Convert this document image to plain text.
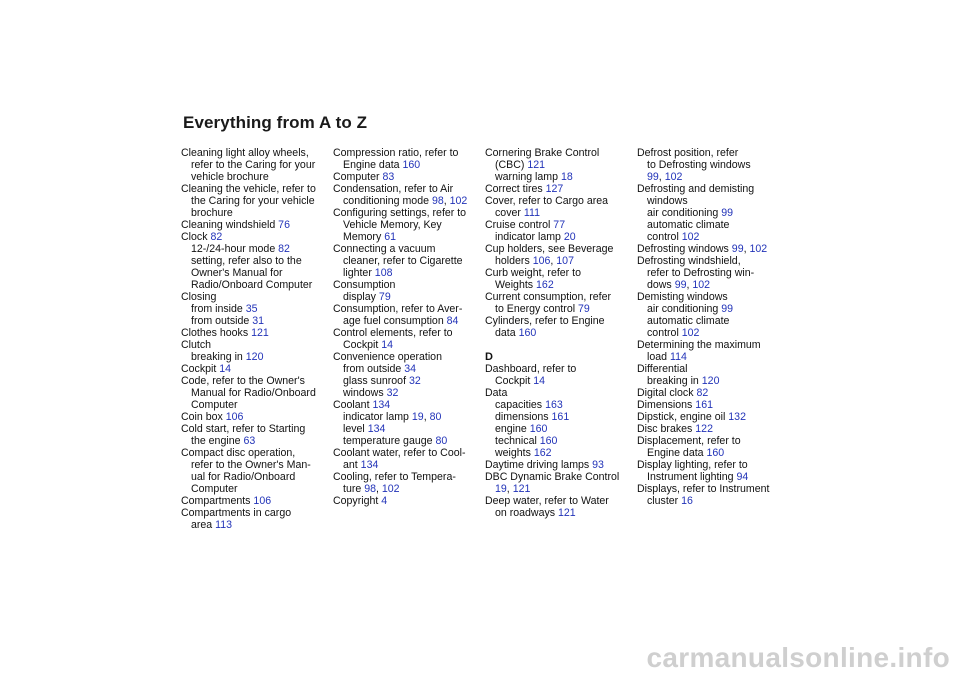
Everything from A to Z
Cleaning light alloy wheels,
refer to the Caring for your
vehicle brochure
Cleaning the vehicle, refer to
the Caring for your vehicle
brochure
Cleaning windshield 76
Clock 82
12-/24-hour mode 82
setting, refer also to the
Owner's Manual for
Radio/Onboard Computer
Closing
from inside 35
from outside 31
Clothes hooks 121
Clutch
breaking in 120
Cockpit 14
Code, refer to the Owner's
Manual for Radio/Onboard
Computer
Coin box 106
Cold start, refer to Starting
the engine 63
Compact disc operation,
refer to the Owner's Man-
ual for Radio/Onboard
Computer
Compartments 106
Compartments in cargo
area 113
Compression ratio, refer to
Engine data 160
Computer 83
Condensation, refer to Air
conditioning mode 98, 102
Configuring settings, refer to
Vehicle Memory, Key
Memory 61
Connecting a vacuum
cleaner, refer to Cigarette
lighter 108
Consumption
display 79
Consumption, refer to Aver-
age fuel consumption 84
Control elements, refer to
Cockpit 14
Convenience operation
from outside 34
glass sunroof 32
windows 32
Coolant 134
indicator lamp 19, 80
level 134
temperature gauge 80
Coolant water, refer to Cool-
ant 134
Cooling, refer to Tempera-
ture 98, 102
Copyright 4
Cornering Brake Control
(CBC) 121
warning lamp 18
Correct tires 127
Cover, refer to Cargo area
cover 111
Cruise control 77
indicator lamp 20
Cup holders, see Beverage
holders 106, 107
Curb weight, refer to
Weights 162
Current consumption, refer
to Energy control 79
Cylinders, refer to Engine
data 160
D
Dashboard, refer to
Cockpit 14
Data
capacities 163
dimensions 161
engine 160
technical 160
weights 162
Daytime driving lamps 93
DBC Dynamic Brake Control
19, 121
Deep water, refer to Water
on roadways 121
Defrost position, refer
to Defrosting windows
99, 102
Defrosting and demisting
windows
air conditioning 99
automatic climate
control 102
Defrosting windows 99, 102
Defrosting windshield,
refer to Defrosting win-
dows 99, 102
Demisting windows
air conditioning 99
automatic climate
control 102
Determining the maximum
load 114
Differential
breaking in 120
Digital clock 82
Dimensions 161
Dipstick, engine oil 132
Disc brakes 122
Displacement, refer to
Engine data 160
Display lighting, refer to
Instrument lighting 94
Displays, refer to Instrument
cluster 16
carmanualsonline.info
